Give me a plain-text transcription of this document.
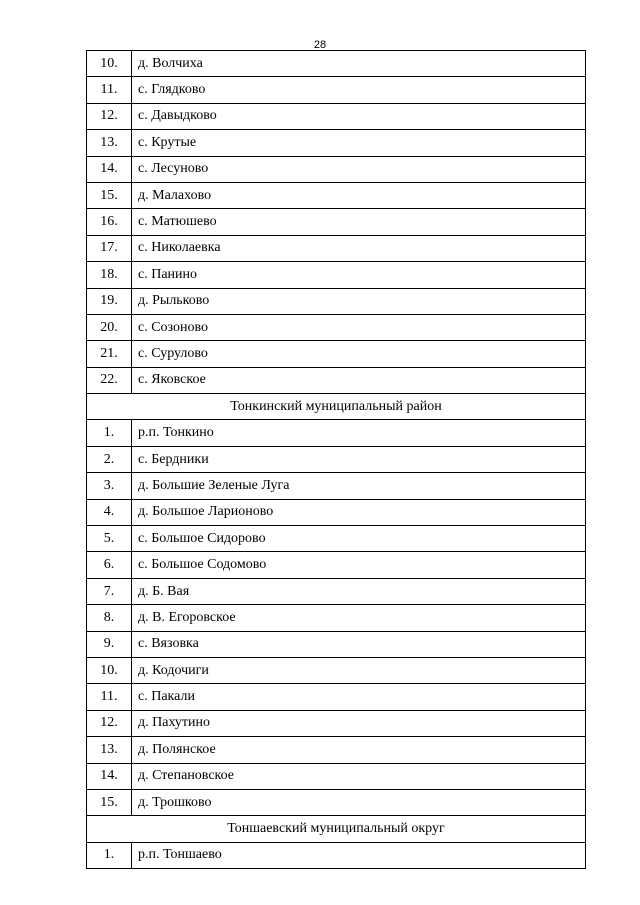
28
10.	д. Волчиха
11.	с. Глядково
12.	с. Давыдково
13.	с. Крутые
14.	с. Лесуново
15.	д. Малахово
16.	с. Матюшево
17.	с. Николаевка
18.	с. Панино
19.	д. Рыльково
20.	с. Созоново
21.	с. Сурулово
22.	с. Яковское
Тонкинский муниципальный район	
1.	р.п. Тонкино
2.	с. Бердники
3.	д. Большие Зеленые Луга
4.	д. Большое Ларионово
5.	с. Большое Сидорово
6.	с. Большое Содомово
7.	д. Б. Вая
8.	д. В. Егоровское
9.	с. Вязовка
10.	д. Кодочиги
11.	с. Пакали
12.	д. Пахутино
13.	д. Полянское
14.	д. Степановское
15.	д. Трошково
Тоншаевский муниципальный округ	
1.	р.п. Тоншаево
